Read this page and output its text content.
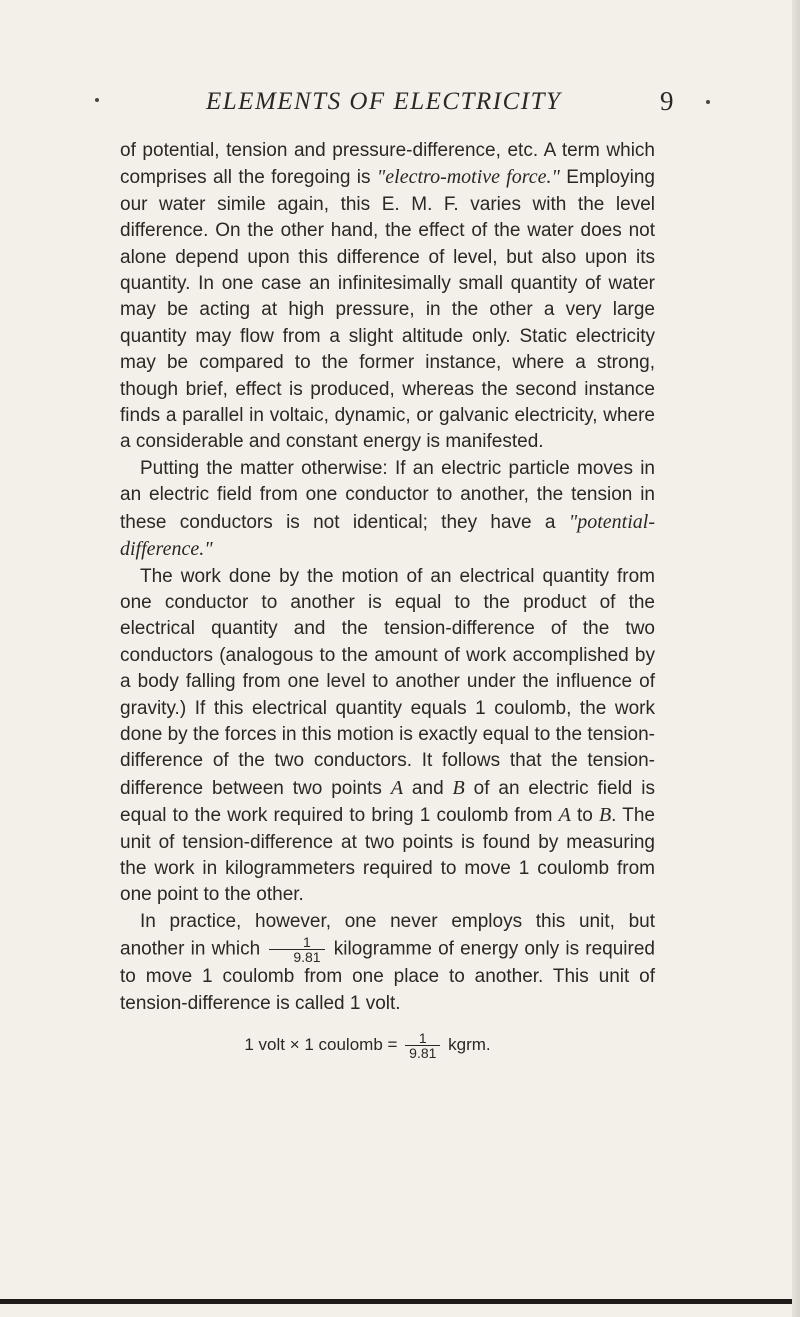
ELEMENTS OF ELECTRICITY	9

of potential, tension and pressure-difference, etc. A term which comprises all the foregoing is "electro-motive force." Employing our water simile again, this E. M. F. varies with the level difference. On the other hand, the effect of the water does not alone depend upon this difference of level, but also upon its quantity. In one case an infinitesimally small quantity of water may be acting at high pressure, in the other a very large quantity may flow from a slight altitude only. Static electricity may be compared to the former instance, where a strong, though brief, effect is produced, whereas the second instance finds a parallel in voltaic, dynamic, or galvanic electricity, where a considerable and constant energy is manifested.

Putting the matter otherwise: If an electric particle moves in an electric field from one conductor to another, the tension in these conductors is not identical; they have a "potential-difference."

The work done by the motion of an electrical quantity from one conductor to another is equal to the product of the electrical quantity and the tension-difference of the two conductors (analogous to the amount of work accomplished by a body falling from one level to another under the influence of gravity.) If this electrical quantity equals 1 coulomb, the work done by the forces in this motion is exactly equal to the tension-difference of the two conductors. It follows that the tension-difference between two points A and B of an electric field is equal to the work required to bring 1 coulomb from A to B. The unit of tension-difference at two points is found by measuring the work in kilogrammeters required to move 1 coulomb from one point to the other.

In practice, however, one never employs this unit, but another in which $\frac{1}{9.81}$ kilogramme of energy only is required to move 1 coulomb from one place to another. This unit of tension-difference is called 1 volt.

1 volt × 1 coulomb = $\frac{1}{9.81}$ kgrm.
